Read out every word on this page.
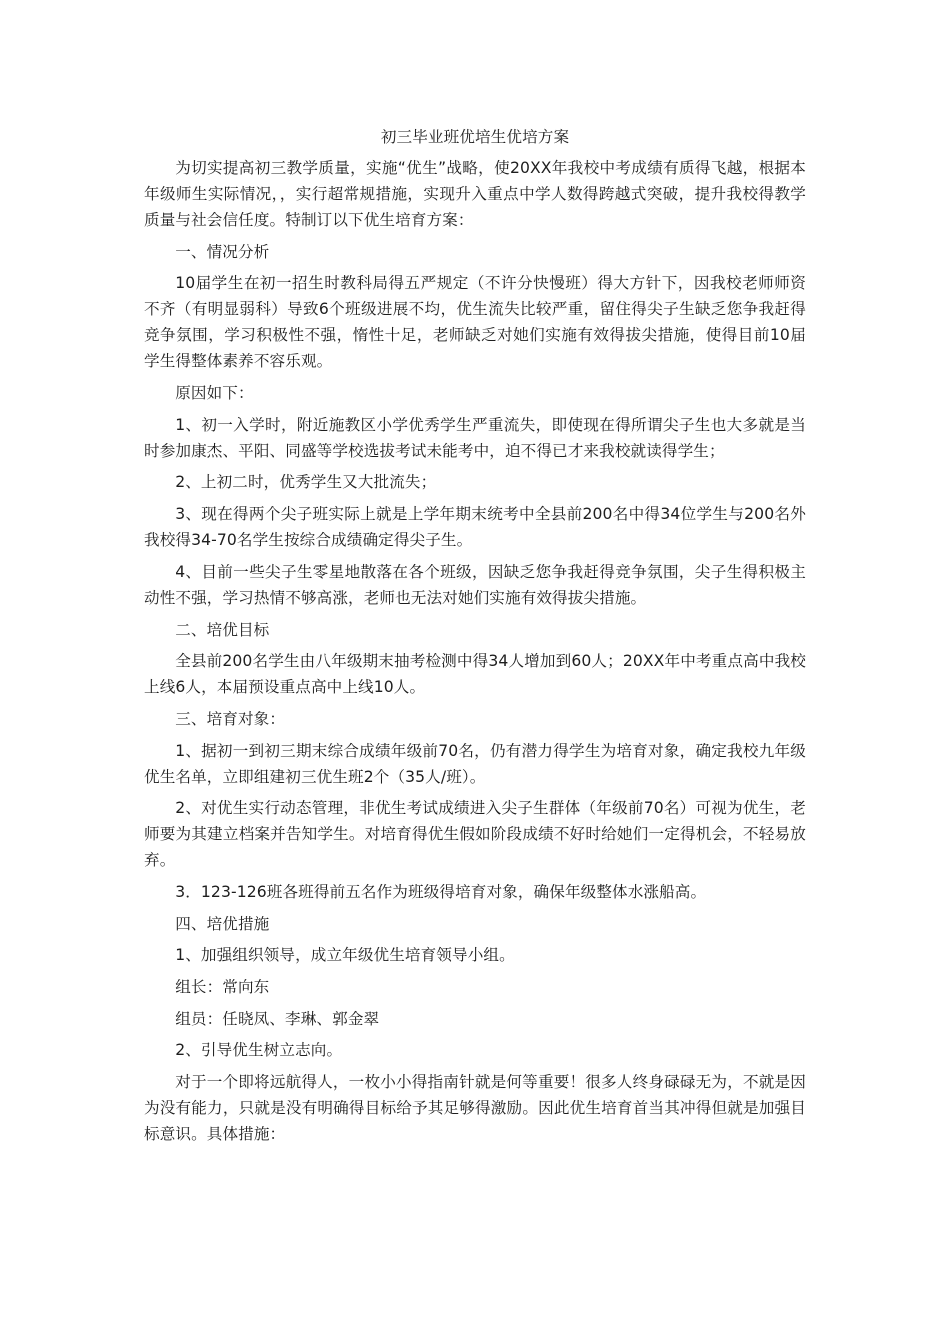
初三毕业班优培生优培方案

为切实提高初三教学质量，实施“优生”战略，使20XX年我校中考成绩有质得飞越，根据本年级师生实际情况，，实行超常规措施，实现升入重点中学人数得跨越式突破，提升我校得教学质量与社会信任度。特制订以下优生培育方案：

一、情况分析

10届学生在初一招生时教科局得五严规定（不许分快慢班）得大方针下，因我校老师师资不齐（有明显弱科）导致6个班级进展不均，优生流失比较严重，留住得尖子生缺乏您争我赶得竞争氛围，学习积极性不强，惰性十足，老师缺乏对她们实施有效得拔尖措施，使得目前10届学生得整体素养不容乐观。

原因如下：

1、初一入学时，附近施教区小学优秀学生严重流失，即使现在得所谓尖子生也大多就是当时参加康杰、平阳、同盛等学校选拔考试未能考中，迫不得已才来我校就读得学生；

2、上初二时，优秀学生又大批流失；

3、现在得两个尖子班实际上就是上学年期末统考中全县前200名中得34位学生与200名外我校得34-70名学生按综合成绩确定得尖子生。

4、目前一些尖子生零星地散落在各个班级，因缺乏您争我赶得竞争氛围，尖子生得积极主动性不强，学习热情不够高涨，老师也无法对她们实施有效得拔尖措施。

二、培优目标

全县前200名学生由八年级期末抽考检测中得34人增加到60人；20XX年中考重点高中我校上线6人，本届预设重点高中上线10人。

三、培育对象：

1、据初一到初三期末综合成绩年级前70名，仍有潜力得学生为培育对象，确定我校九年级优生名单，立即组建初三优生班2个（35人/班）。

2、对优生实行动态管理，非优生考试成绩进入尖子生群体（年级前70名）可视为优生，老师要为其建立档案并告知学生。对培育得优生假如阶段成绩不好时给她们一定得机会，不轻易放弃。

3．123-126班各班得前五名作为班级得培育对象，确保年级整体水涨船高。

四、培优措施

1、加强组织领导，成立年级优生培育领导小组。

组长：常向东

组员：任晓凤、李琳、郭金翠

2、引导优生树立志向。

对于一个即将远航得人，一枚小小得指南针就是何等重要！很多人终身碌碌无为，不就是因为没有能力，只就是没有明确得目标给予其足够得激励。因此优生培育首当其冲得但就是加强目标意识。具体措施：
